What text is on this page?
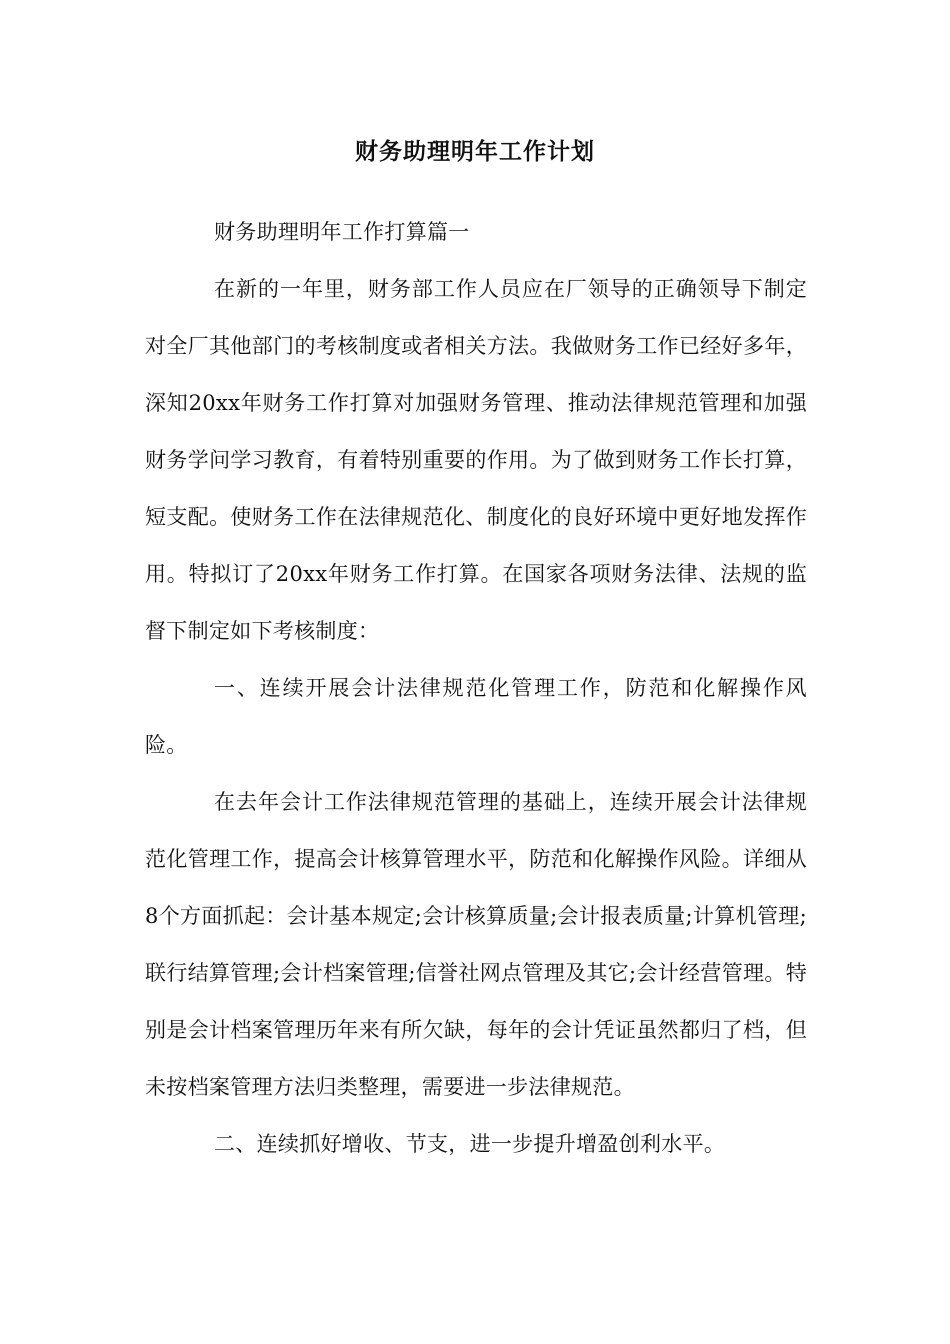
财务助理明年工作计划

财务助理明年工作打算篇一

在新的一年里，财务部工作人员应在厂领导的正确领导下制定对全厂其他部门的考核制度或者相关方法。我做财务工作已经好多年，深知20xx年财务工作打算对加强财务管理、推动法律规范管理和加强财务学问学习教育，有着特别重要的作用。为了做到财务工作长打算，短支配。使财务工作在法律规范化、制度化的良好环境中更好地发挥作用。特拟订了20xx年财务工作打算。在国家各项财务法律、法规的监督下制定如下考核制度：

一、连续开展会计法律规范化管理工作，防范和化解操作风险。

在去年会计工作法律规范管理的基础上，连续开展会计法律规范化管理工作，提高会计核算管理水平，防范和化解操作风险。详细从8个方面抓起：会计基本规定;会计核算质量;会计报表质量;计算机管理;联行结算管理;会计档案管理;信誉社网点管理及其它;会计经营管理。特别是会计档案管理历年来有所欠缺，每年的会计凭证虽然都归了档，但未按档案管理方法归类整理，需要进一步法律规范。

二、连续抓好增收、节支，进一步提升增盈创利水平。
